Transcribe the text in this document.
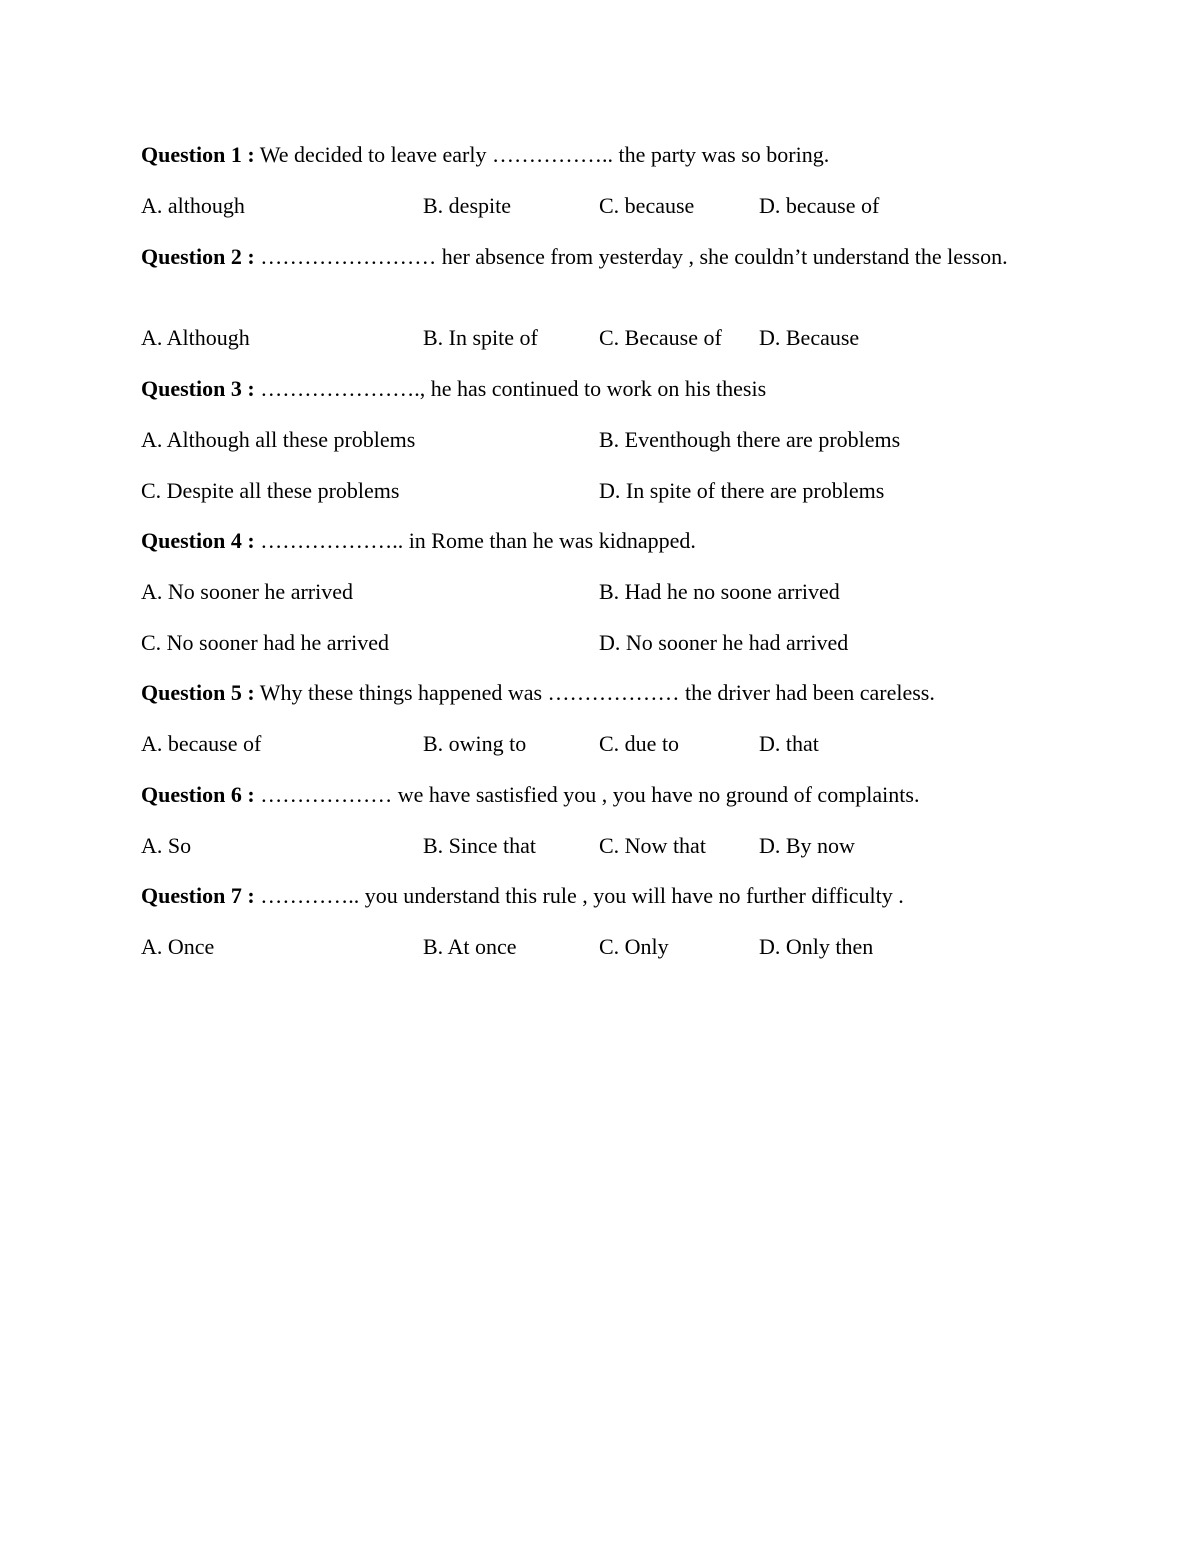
Question 1 : We decided to leave early …………….. the party was so boring.
A. although	B. despite	C. because	D. because of
Question 2 : …………………… her absence from yesterday , she couldn’t understand the lesson.
A. Although	B. In spite of	C. Because of D. Because
Question 3 : …………………., he has continued to work on his thesis
A. Although all these problems	B. Eventhough there are problems
C. Despite all these problems	D. In spite of there are problems
Question 4 : ……………….. in Rome than he was kidnapped.
A. No sooner he arrived	B. Had he no soone arrived
C. No sooner had he arrived	D. No sooner he had arrived
Question 5 : Why these things happened was ……………… the driver had been careless.
A. because of	B. owing to	C. due to	D. that
Question 6 : ……………… we have sastisfied you , you have no ground of complaints.
A. So	B. Since that	C. Now that D. By now
Question 7 : ………….. you understand this rule , you will have no further difficulty .
A. Once	B. At once	C. Only	D. Only then
